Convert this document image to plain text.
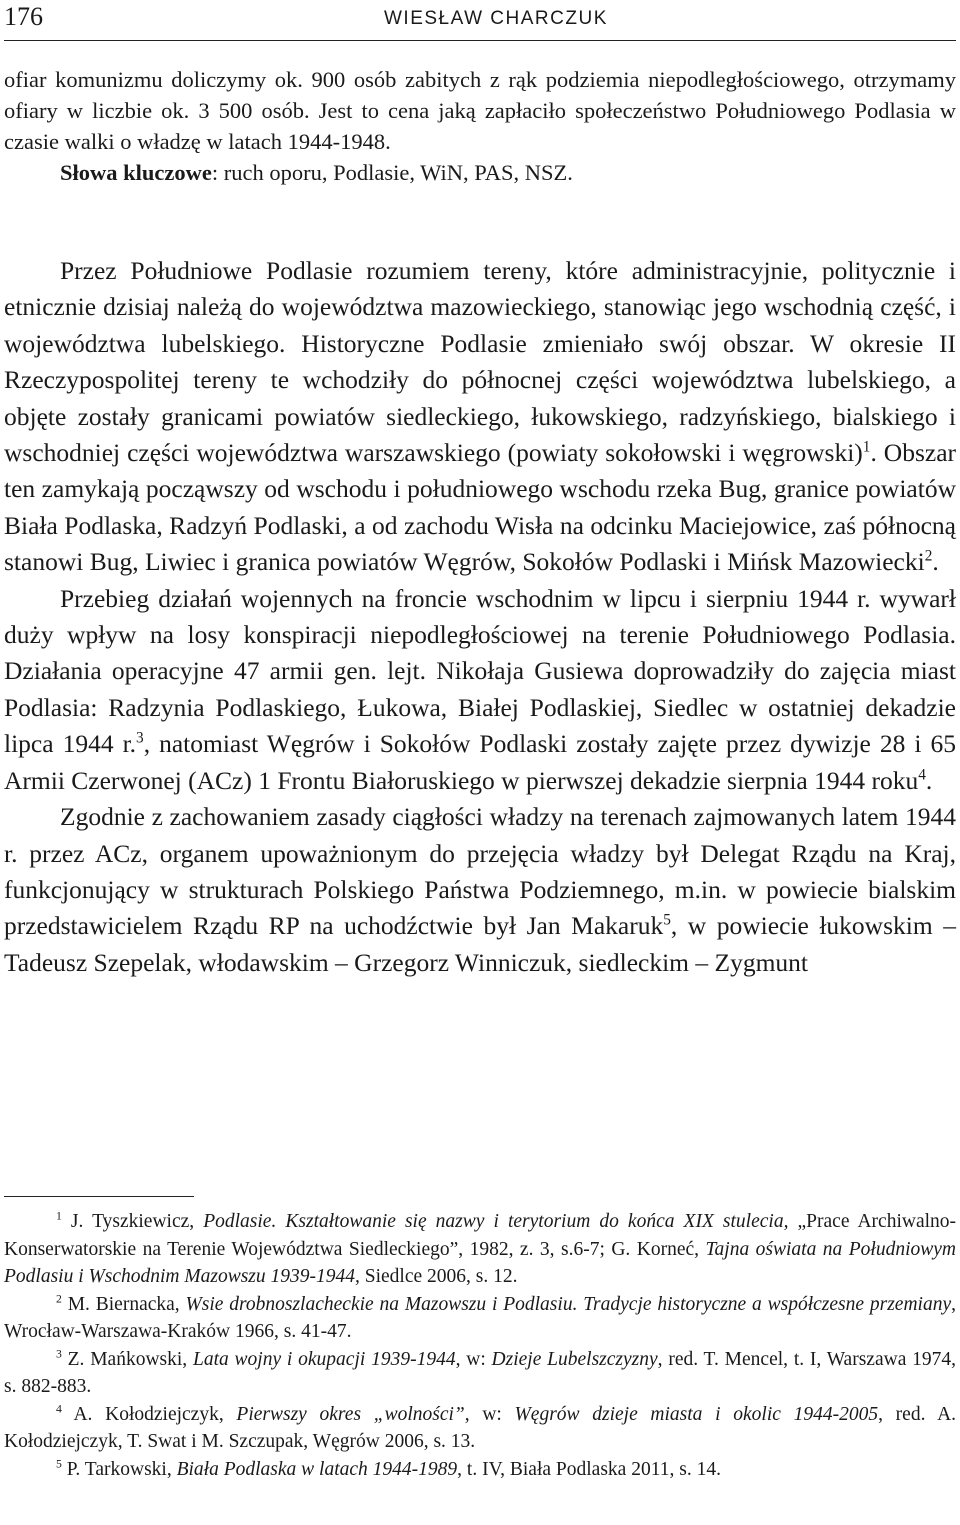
176	WIESŁAW CHARCZUK

ofiar komunizmu doliczymy ok. 900 osób zabitych z rąk podziemia niepodległościowego, otrzymamy ofiary w liczbie ok. 3 500 osób. Jest to cena jaką zapłaciło społeczeństwo Południowego Podlasia w czasie walki o władzę w latach 1944-1948.

Słowa kluczowe: ruch oporu, Podlasie, WiN, PAS, NSZ.

Przez Południowe Podlasie rozumiem tereny, które administracyjnie, politycznie i etnicznie dzisiaj należą do województwa mazowieckiego, stanowiąc jego wschodnią część, i województwa lubelskiego. Historyczne Podlasie zmieniało swój obszar. W okresie II Rzeczypospolitej tereny te wchodziły do północnej części województwa lubelskiego, a objęte zostały granicami powiatów siedleckiego, łukowskiego, radzyńskiego, bialskiego i wschodniej części województwa warszawskiego (powiaty sokołowski i węgrowski)$^1$. Obszar ten zamykają począwszy od wschodu i południowego wschodu rzeka Bug, granice powiatów Biała Podlaska, Radzyń Podlaski, a od zachodu Wisła na odcinku Maciejowice, zaś północną stanowi Bug, Liwiec i granica powiatów Węgrów, Sokołów Podlaski i Mińsk Mazowiecki$^2$.

Przebieg działań wojennych na froncie wschodnim w lipcu i sierpniu 1944 r. wywarł duży wpływ na losy konspiracji niepodległościowej na terenie Południowego Podlasia. Działania operacyjne 47 armii gen. lejt. Nikołaja Gusiewa doprowadziły do zajęcia miast Podlasia: Radzynia Podlaskiego, Łukowa, Białej Podlaskiej, Siedlec w ostatniej dekadzie lipca 1944 r.$^3$, natomiast Węgrów i Sokołów Podlaski zostały zajęte przez dywizje 28 i 65 Armii Czerwonej (ACz) 1 Frontu Białoruskiego w pierwszej dekadzie sierpnia 1944 roku$^4$.

Zgodnie z zachowaniem zasady ciągłości władzy na terenach zajmowanych latem 1944 r. przez ACz, organem upoważnionym do przejęcia władzy był Delegat Rządu na Kraj, funkcjonujący w strukturach Polskiego Państwa Podziemnego, m.in. w powiecie bialskim przedstawicielem Rządu RP na uchodźctwie był Jan Makaruk$^5$, w powiecie łukowskim –Tadeusz Szepelak, włodawskim – Grzegorz Winniczuk, siedleckim – Zygmunt

$^1$ J. Tyszkiewicz, Podlasie. Kształtowanie się nazwy i terytorium do końca XIX stulecia, „Prace Archiwalno-Konserwatorskie na Terenie Województwa Siedleckiego”, 1982, z. 3, s.6-7; G. Korneć, Tajna oświata na Południowym Podlasiu i Wschodnim Mazowszu 1939-1944, Siedlce 2006, s. 12.

$^2$ M. Biernacka, Wsie drobnoszlacheckie na Mazowszu i Podlasiu. Tradycje historyczne a współczesne przemiany, Wrocław-Warszawa-Kraków 1966, s. 41-47.

$^3$ Z. Mańkowski, Lata wojny i okupacji 1939-1944, w: Dzieje Lubelszczyzny, red. T. Mencel, t. I, Warszawa 1974, s. 882-883.

$^4$ A. Kołodziejczyk, Pierwszy okres „wolności”, w: Węgrów dzieje miasta i okolic 1944-2005, red. A. Kołodziejczyk, T. Swat i M. Szczupak, Węgrów 2006, s. 13.

$^5$ P. Tarkowski, Biała Podlaska w latach 1944-1989, t. IV, Biała Podlaska 2011, s. 14.
